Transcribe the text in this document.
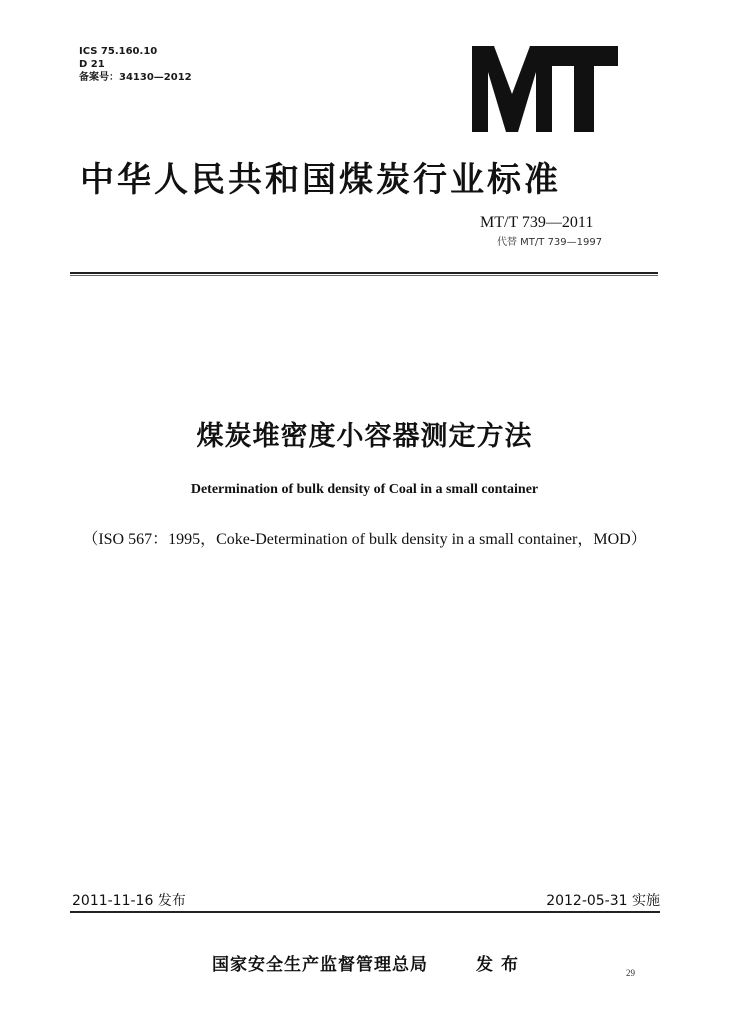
ICS 75.160.10
D 21
备案号：34130—2012
中华人民共和国煤炭行业标准
MT/T 739—2011
代替 MT/T 739—1997
煤炭堆密度小容器测定方法
Determination of bulk density of Coal in a small container
（ISO 567：1995，Coke-Determination of bulk density in a small container，MOD）
2011-11-16 发布	2012-05-31 实施
国家安全生产监督管理总局	发布	29
